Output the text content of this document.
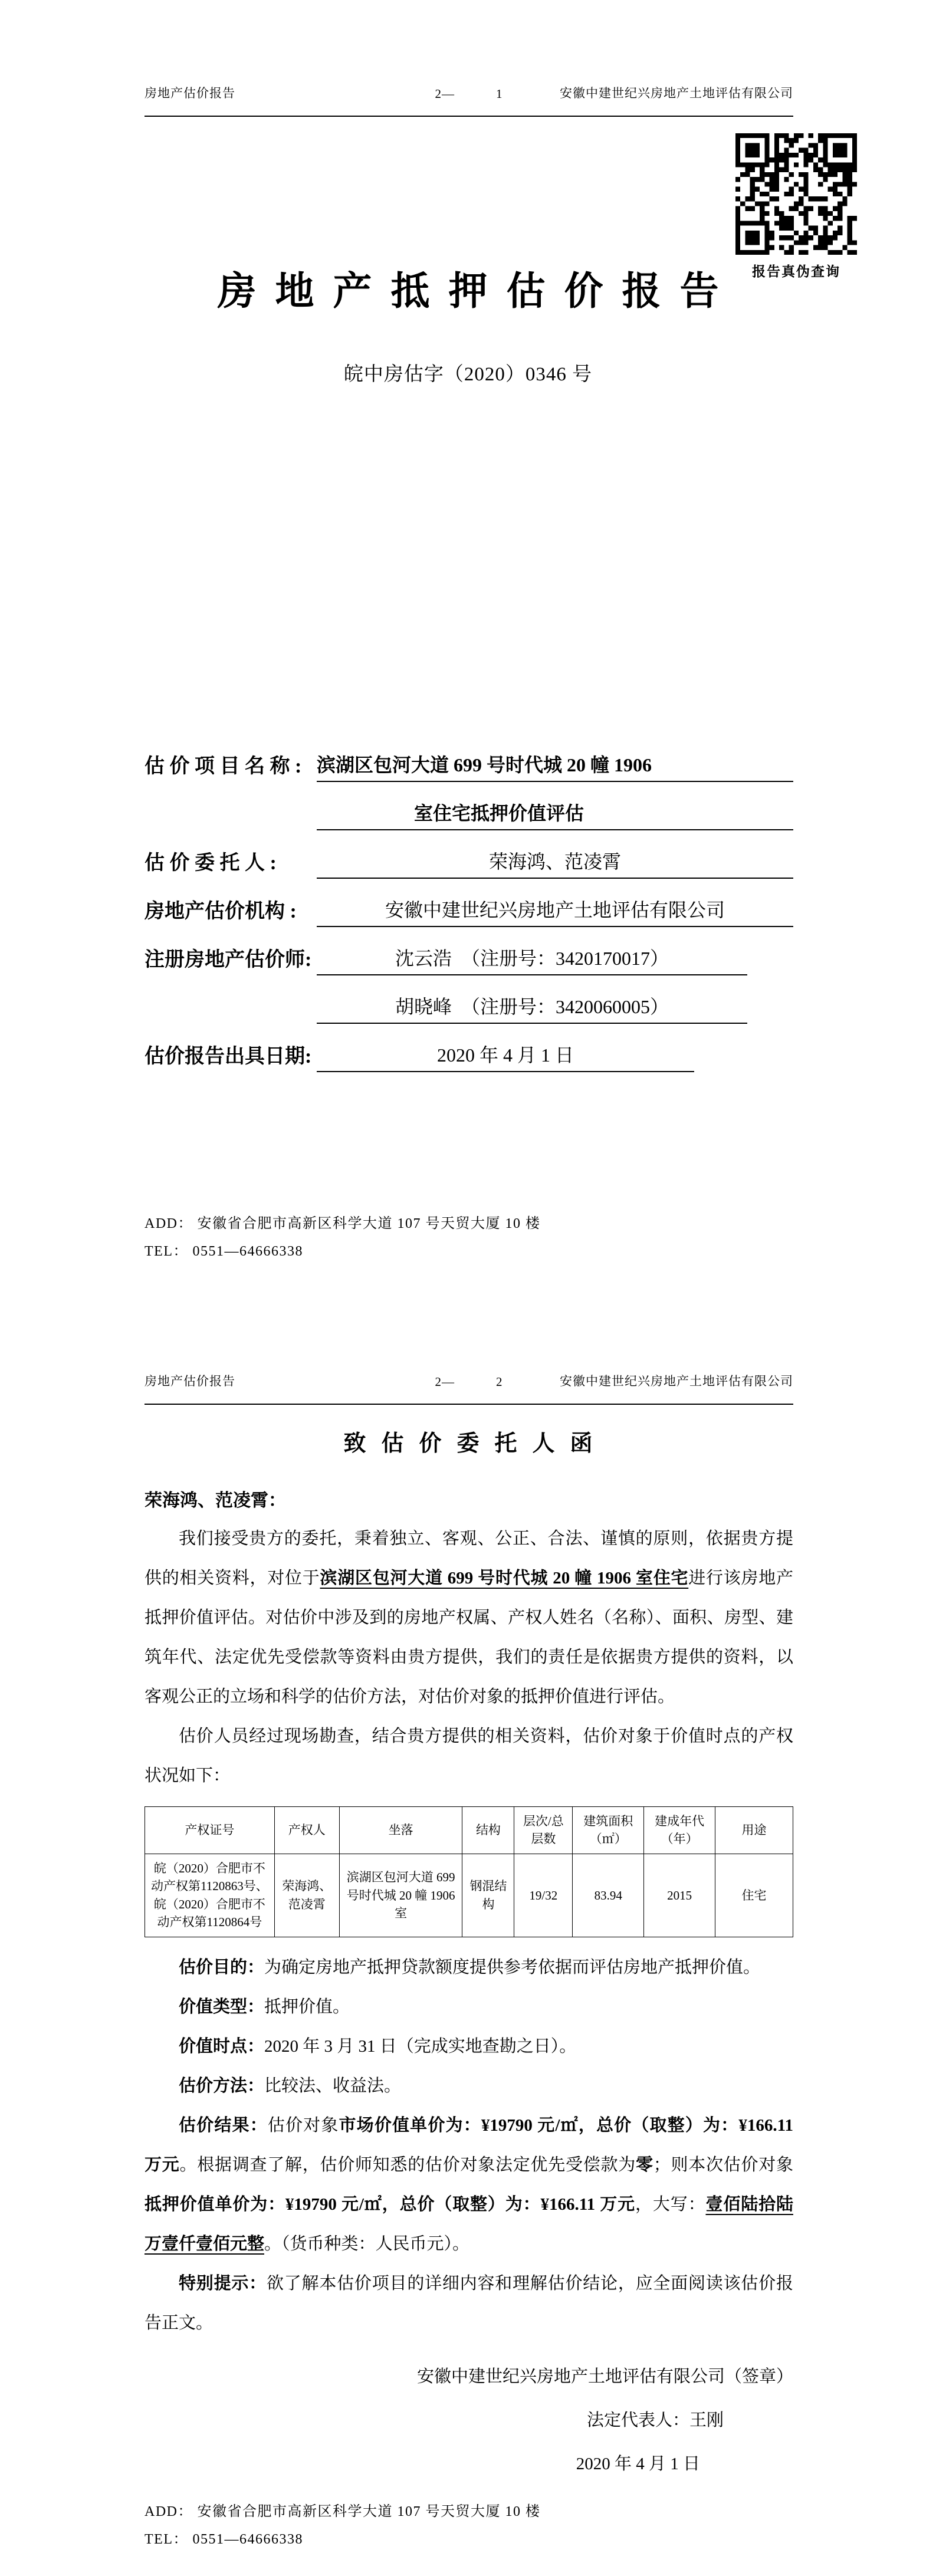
房地产估价报告	2—	1	安徽中建世纪兴房地产土地评估有限公司
报告真伪查询
房地产抵押估价报告
皖中房估字（2020）0346 号
估 价 项 目 名 称 : 滨湖区包河大道 699 号时代城 20 幢 1906
室住宅抵押价值评估
估 价 委 托 人 :	荣海鸿、范凌霄
房地产估价机构 :	安徽中建世纪兴房地产土地评估有限公司
注册房地产估价师:	沈云浩　（注册号：3420170017）
胡晓峰　（注册号：3420060005）
估价报告出具日期:	2020 年 4 月 1 日
ADD： 安徽省合肥市高新区科学大道 107 号天贸大厦 10 楼
TEL： 0551—64666338
房地产估价报告	2—	2	安徽中建世纪兴房地产土地评估有限公司
致估价委托人函
荣海鸿、范凌霄：

我们接受贵方的委托，秉着独立、客观、公正、合法、谨慎的原则，依据贵方提供的相关资料，对位于滨湖区包河大道 699 号时代城 20 幢 1906 室住宅进行该房地产抵押价值评估。对估价中涉及到的房地产权属、产权人姓名（名称）、面积、房型、建筑年代、法定优先受偿款等资料由贵方提供，我们的责任是依据贵方提供的资料，以客观公正的立场和科学的估价方法，对估价对象的抵押价值进行评估。

估价人员经过现场勘查，结合贵方提供的相关资料，估价对象于价值时点的产权状况如下：

产权证号	产权人	坐落	结构	层次/总层数	建筑面积（㎡）	建成年代（年）	用途
皖（2020）合肥市不动产权第1120863号、皖（2020）合肥市不动产权第1120864号	荣海鸿、范凌霄	滨湖区包河大道 699 号时代城 20 幢 1906 室	钢混结构	19/32	83.94	2015	住宅

估价目的：为确定房地产抵押贷款额度提供参考依据而评估房地产抵押价值。

价值类型：抵押价值。

价值时点：2020 年 3 月 31 日（完成实地查勘之日）。

估价方法：比较法、收益法。

估价结果：估价对象市场价值单价为：¥19790 元/㎡，总价（取整）为：¥166.11 万元。根据调查了解，估价师知悉的估价对象法定优先受偿款为零；则本次估价对象抵押价值单价为：¥19790 元/㎡，总价（取整）为：¥166.11 万元，大写：壹佰陆拾陆万壹仟壹佰元整。（货币种类：人民币元）。

特别提示：欲了解本估价项目的详细内容和理解估价结论，应全面阅读该估价报告正文。

安徽中建世纪兴房地产土地评估有限公司（签章）
法定代表人：王刚
2020 年 4 月 1 日
ADD： 安徽省合肥市高新区科学大道 107 号天贸大厦 10 楼
TEL： 0551—64666338
